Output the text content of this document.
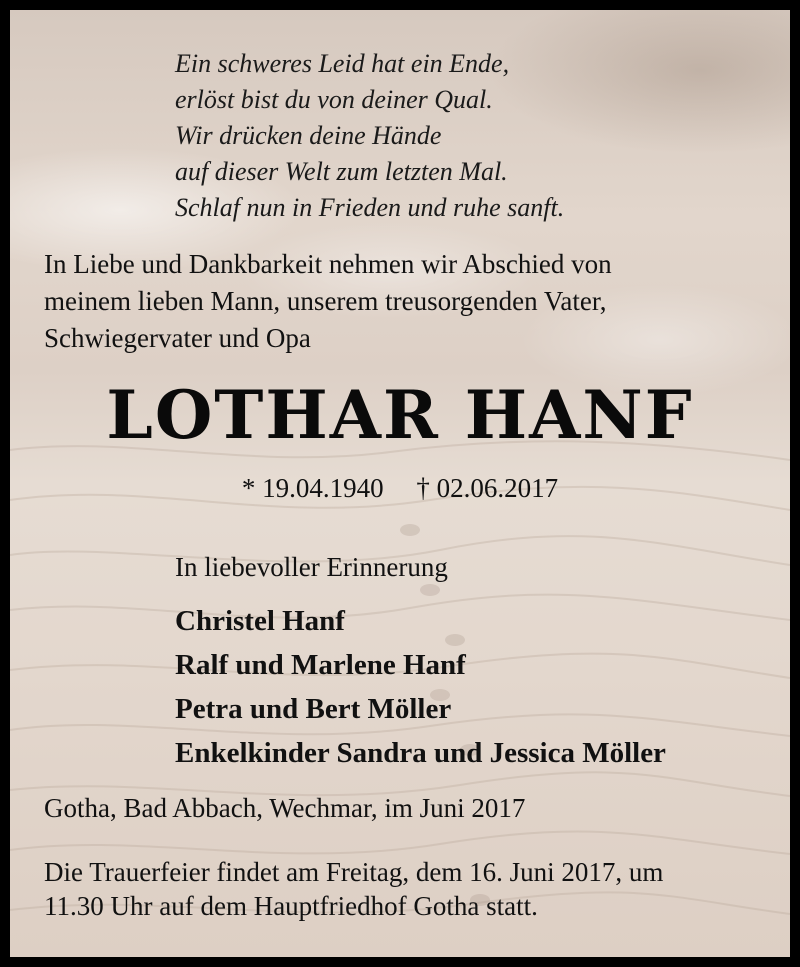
Ein schweres Leid hat ein Ende,
erlöst bist du von deiner Qual.
Wir drücken deine Hände
auf dieser Welt zum letzten Mal.
Schlaf nun in Frieden und ruhe sanft.
In Liebe und Dankbarkeit nehmen wir Abschied von
meinem lieben Mann, unserem treusorgenden Vater,
Schwiegervater und Opa
LOTHAR HANF
* 19.04.1940 † 02.06.2017
In liebevoller Erinnerung
Christel Hanf
Ralf und Marlene Hanf
Petra und Bert Möller
Enkelkinder Sandra und Jessica Möller
Gotha, Bad Abbach, Wechmar, im Juni 2017
Die Trauerfeier findet am Freitag, dem 16. Juni 2017, um
11.30 Uhr auf dem Hauptfriedhof Gotha statt.
